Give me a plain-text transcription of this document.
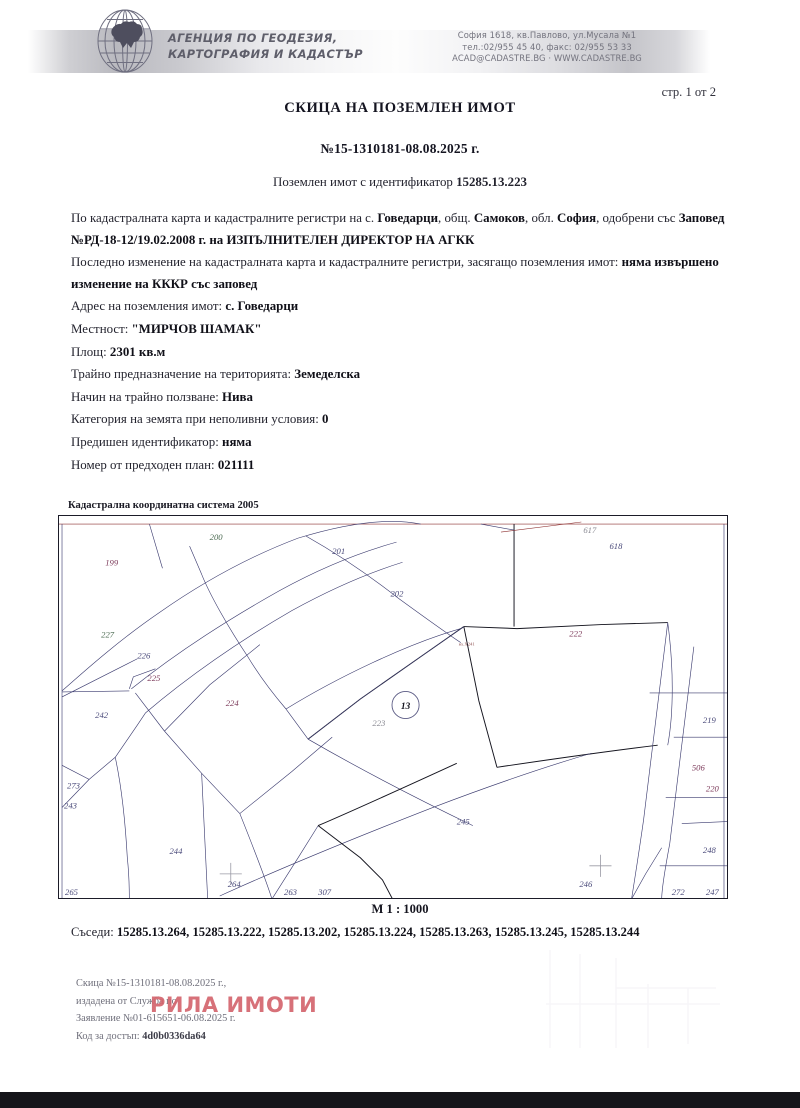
АГЕНЦИЯ ПО ГЕОДЕЗИЯ,
КАРТОГРАФИЯ И КАДАСТЪР
София 1618, кв.Павлово, ул.Мусала №1
тел.:02/955 45 40, факс: 02/955 53 33
ACAD@CADASTRE.BG · WWW.CADASTRE.BG
стр. 1 от 2
СКИЦА НА ПОЗЕМЛЕН ИМОТ
№15-1310181-08.08.2025 г.
Поземлен имот с идентификатор 15285.13.223

По кадастралната карта и кадастралните регистри на с. Говедарци, общ. Самоков, обл. София, одобрени със Заповед №РД-18-12/19.02.2008 г. на ИЗПЪЛНИТЕЛЕН ДИРЕКТОР НА АГКК

Последно изменение на кадастралната карта и кадастралните регистри, засягащо поземления имот: няма извършено изменение на КККР със заповед

Адрес на поземления имот: с. Говедарци

Местност: "МИРЧОВ ШАМАК"

Площ: 2301 кв.м

Трайно предназначение на територията: Земеделска

Начин на трайно ползване: Нива

Категория на земята при неполивни условия: 0

Предишен идентификатор: няма

Номер от предходен план: 021111

Кадастрална координатна система 2005
13
вх.X241
199
200
201
202
227
226
225
224
242
273
243
244
264
265	263 307
223
245
246
272
617
618
222
219
506
220
248
247
М 1 : 1000
Съседи: 15285.13.264, 15285.13.222, 15285.13.202, 15285.13.224, 15285.13.263, 15285.13.245, 15285.13.244
Скица №15-1310181-08.08.2025 г.,
издадена от Служба по
Заявление №01-615651-06.08.2025 г.
Код за достъп: 4d0b0336da64
РИЛА ИМОТИ
